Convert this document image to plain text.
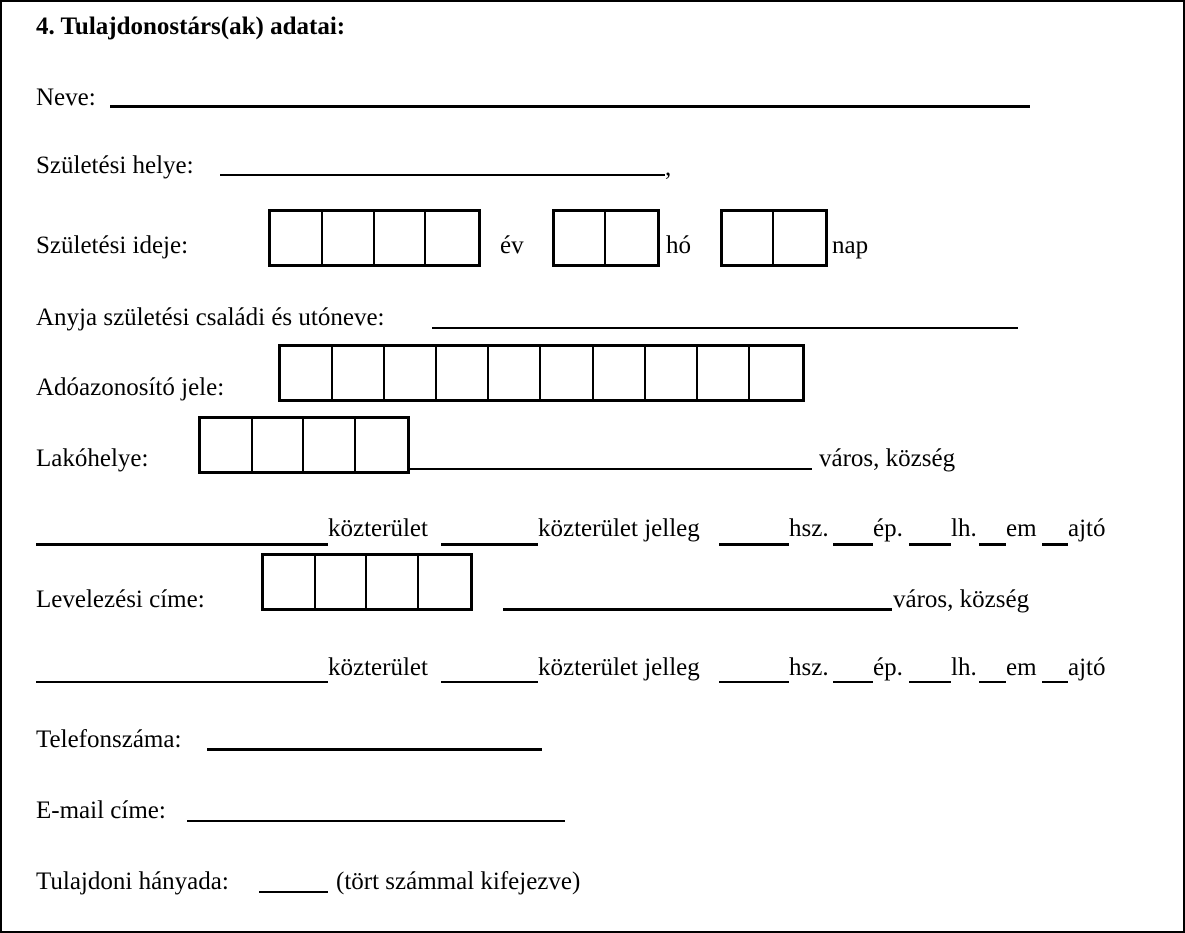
4. Tulajdonostárs(ak) adatai:
Neve:
Születési helye:	,
Születési ideje:	év	hó	nap
Anyja születési családi és utóneve:
Adóazonosító jele:
Lakóhelye:	város, község
közterület	közterület jelleg	hsz. ép. lh. em ajtó
Levelezési címe:	város, község
közterület	közterület jelleg	hsz. ép. lh. em ajtó
Telefonszáma:
E-mail címe:
Tulajdoni hányada:	(tört számmal kifejezve)
